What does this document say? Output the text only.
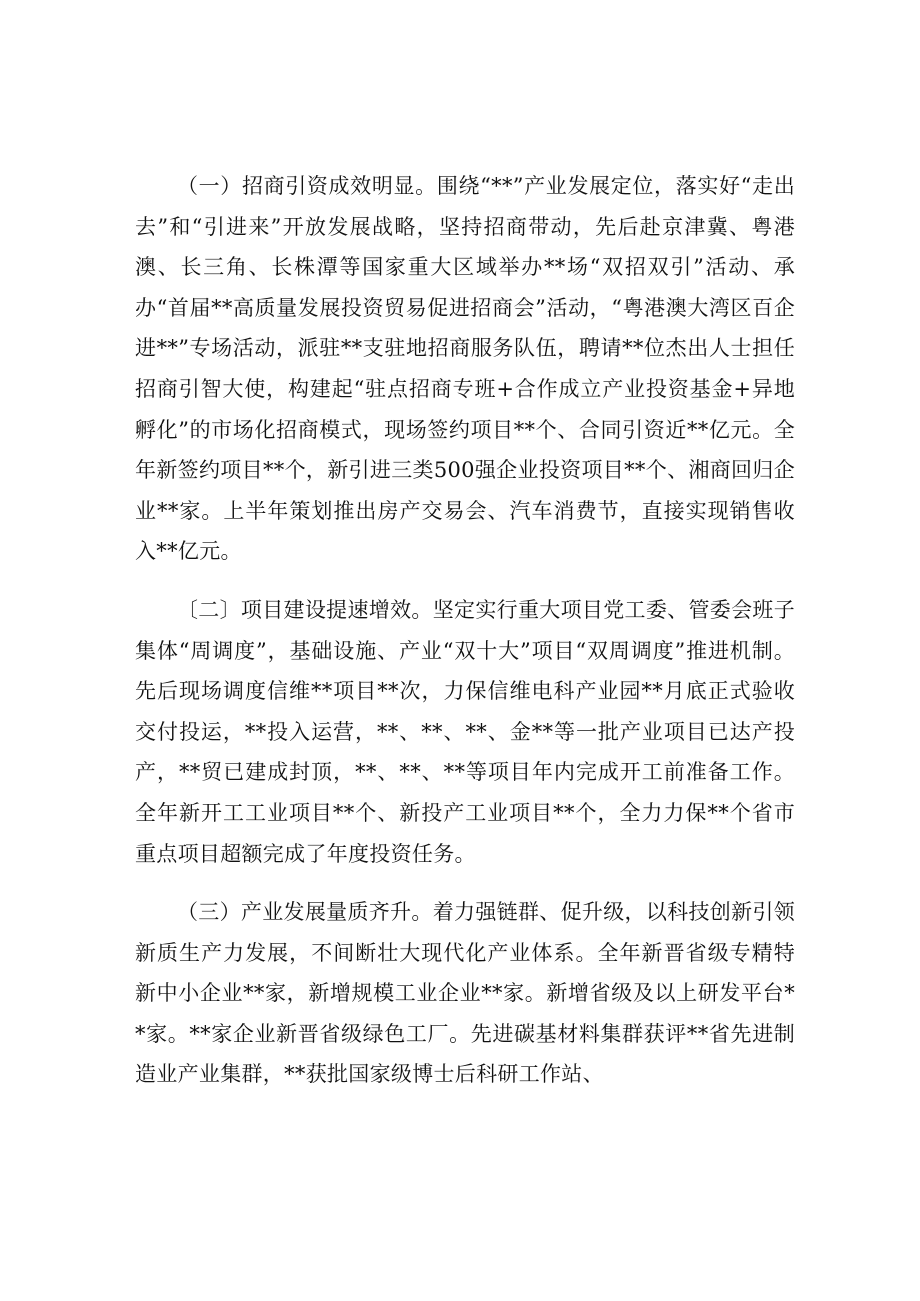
（一）招商引资成效明显。围绕“**”产业发展定位，落实好“走出去”和“引进来”开放发展战略，坚持招商带动，先后赴京津冀、粤港澳、长三角、长株潭等国家重大区域举办**场“双招双引”活动、承办“首届**高质量发展投资贸易促进招商会”活动，“粤港澳大湾区百企进**”专场活动，派驻**支驻地招商服务队伍，聘请**位杰出人士担任招商引智大使，构建起“驻点招商专班+合作成立产业投资基金+异地孵化”的市场化招商模式，现场签约项目**个、合同引资近**亿元。全年新签约项目**个，新引进三类500强企业投资项目**个、湘商回归企业**家。上半年策划推出房产交易会、汽车消费节，直接实现销售收入**亿元。

〔二〕项目建设提速增效。坚定实行重大项目党工委、管委会班子集体“周调度”，基础设施、产业“双十大”项目“双周调度”推进机制。先后现场调度信维**项目**次，力保信维电科产业园**月底正式验收交付投运，**投入运营，**、**、**、金**等一批产业项目已达产投产，**贸已建成封顶，**、**、**等项目年内完成开工前准备工作。全年新开工工业项目**个、新投产工业项目**个，全力力保**个省市重点项目超额完成了年度投资任务。

（三）产业发展量质齐升。着力强链群、促升级，以科技创新引领新质生产力发展，不间断壮大现代化产业体系。全年新晋省级专精特新中小企业**家，新增规模工业企业**家。新增省级及以上研发平台**家。**家企业新晋省级绿色工厂。先进碳基材料集群获评**省先进制造业产业集群，**获批国家级博士后科研工作站、
